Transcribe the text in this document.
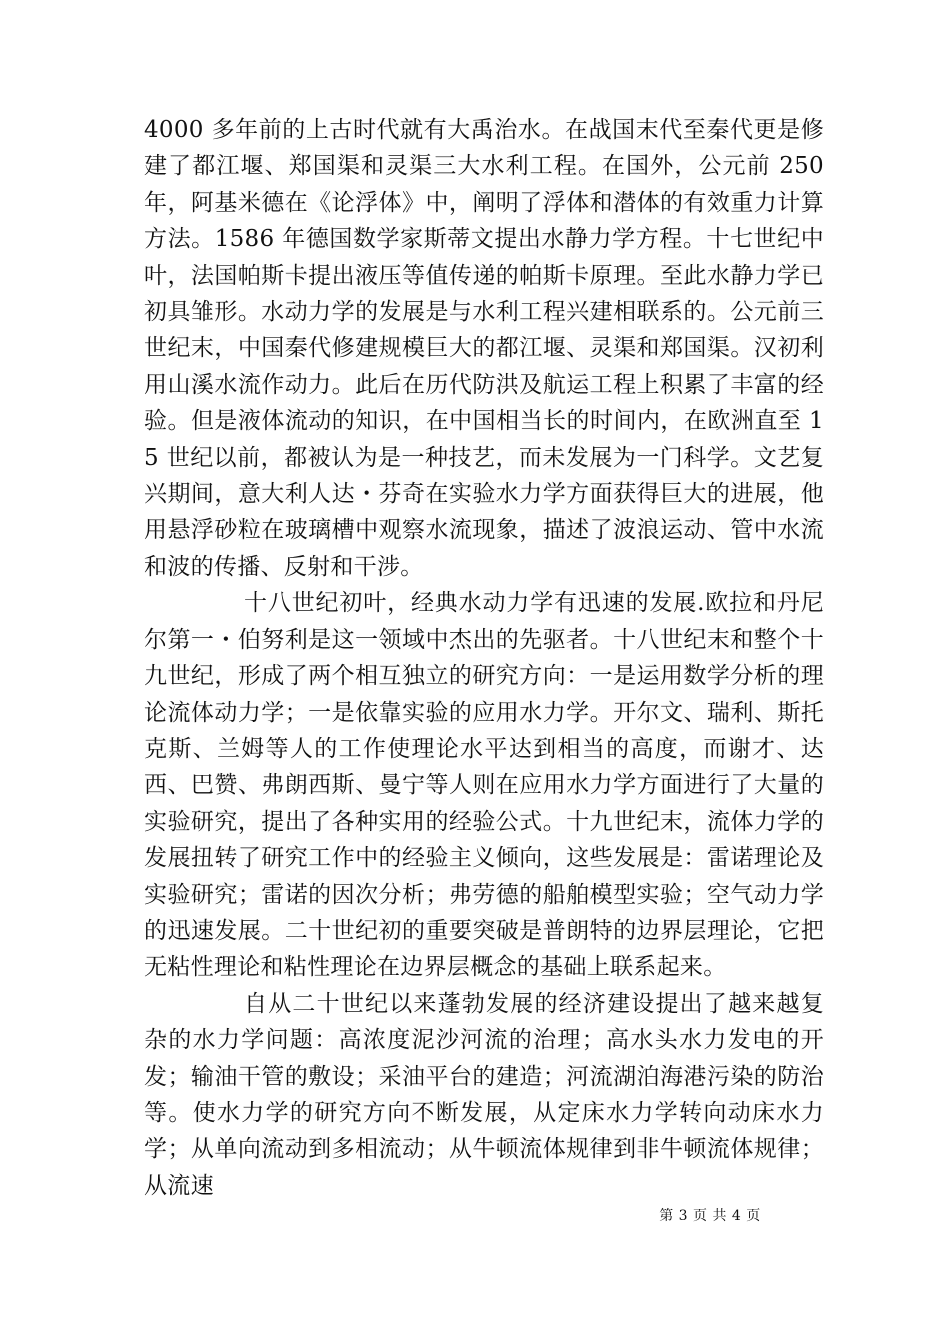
4000 多年前的上古时代就有大禹治水。在战国末代至秦代更是修建了都江堰、郑国渠和灵渠三大水利工程。在国外，公元前 250 年，阿基米德在《论浮体》中，阐明了浮体和潜体的有效重力计算方法。1586 年德国数学家斯蒂文提出水静力学方程。十七世纪中叶，法国帕斯卡提出液压等值传递的帕斯卡原理。至此水静力学已初具雏形。水动力学的发展是与水利工程兴建相联系的。公元前三世纪末，中国秦代修建规模巨大的都江堰、灵渠和郑国渠。汉初利用山溪水流作动力。此后在历代防洪及航运工程上积累了丰富的经验。但是液体流动的知识，在中国相当长的时间内，在欧洲直至 15 世纪以前，都被认为是一种技艺，而未发展为一门科学。文艺复兴期间，意大利人达・芬奇在实验水力学方面获得巨大的进展，他用悬浮砂粒在玻璃槽中观察水流现象，描述了波浪运动、管中水流和波的传播、反射和干涉。

十八世纪初叶，经典水动力学有迅速的发展.欧拉和丹尼尔第一・伯努利是这一领域中杰出的先驱者。十八世纪末和整个十九世纪，形成了两个相互独立的研究方向：一是运用数学分析的理论流体动力学；一是依靠实验的应用水力学。开尔文、瑞利、斯托克斯、兰姆等人的工作使理论水平达到相当的高度，而谢才、达西、巴赞、弗朗西斯、曼宁等人则在应用水力学方面进行了大量的实验研究，提出了各种实用的经验公式。十九世纪末，流体力学的发展扭转了研究工作中的经验主义倾向，这些发展是：雷诺理论及实验研究；雷诺的因次分析；弗劳德的船舶模型实验；空气动力学的迅速发展。二十世纪初的重要突破是普朗特的边界层理论，它把无粘性理论和粘性理论在边界层概念的基础上联系起来。

自从二十世纪以来蓬勃发展的经济建设提出了越来越复杂的水力学问题：高浓度泥沙河流的治理；高水头水力发电的开发；输油干管的敷设；采油平台的建造；河流湖泊海港污染的防治等。使水力学的研究方向不断发展，从定床水力学转向动床水力学；从单向流动到多相流动；从牛顿流体规律到非牛顿流体规律；从流速

第 3 页 共 4 页
